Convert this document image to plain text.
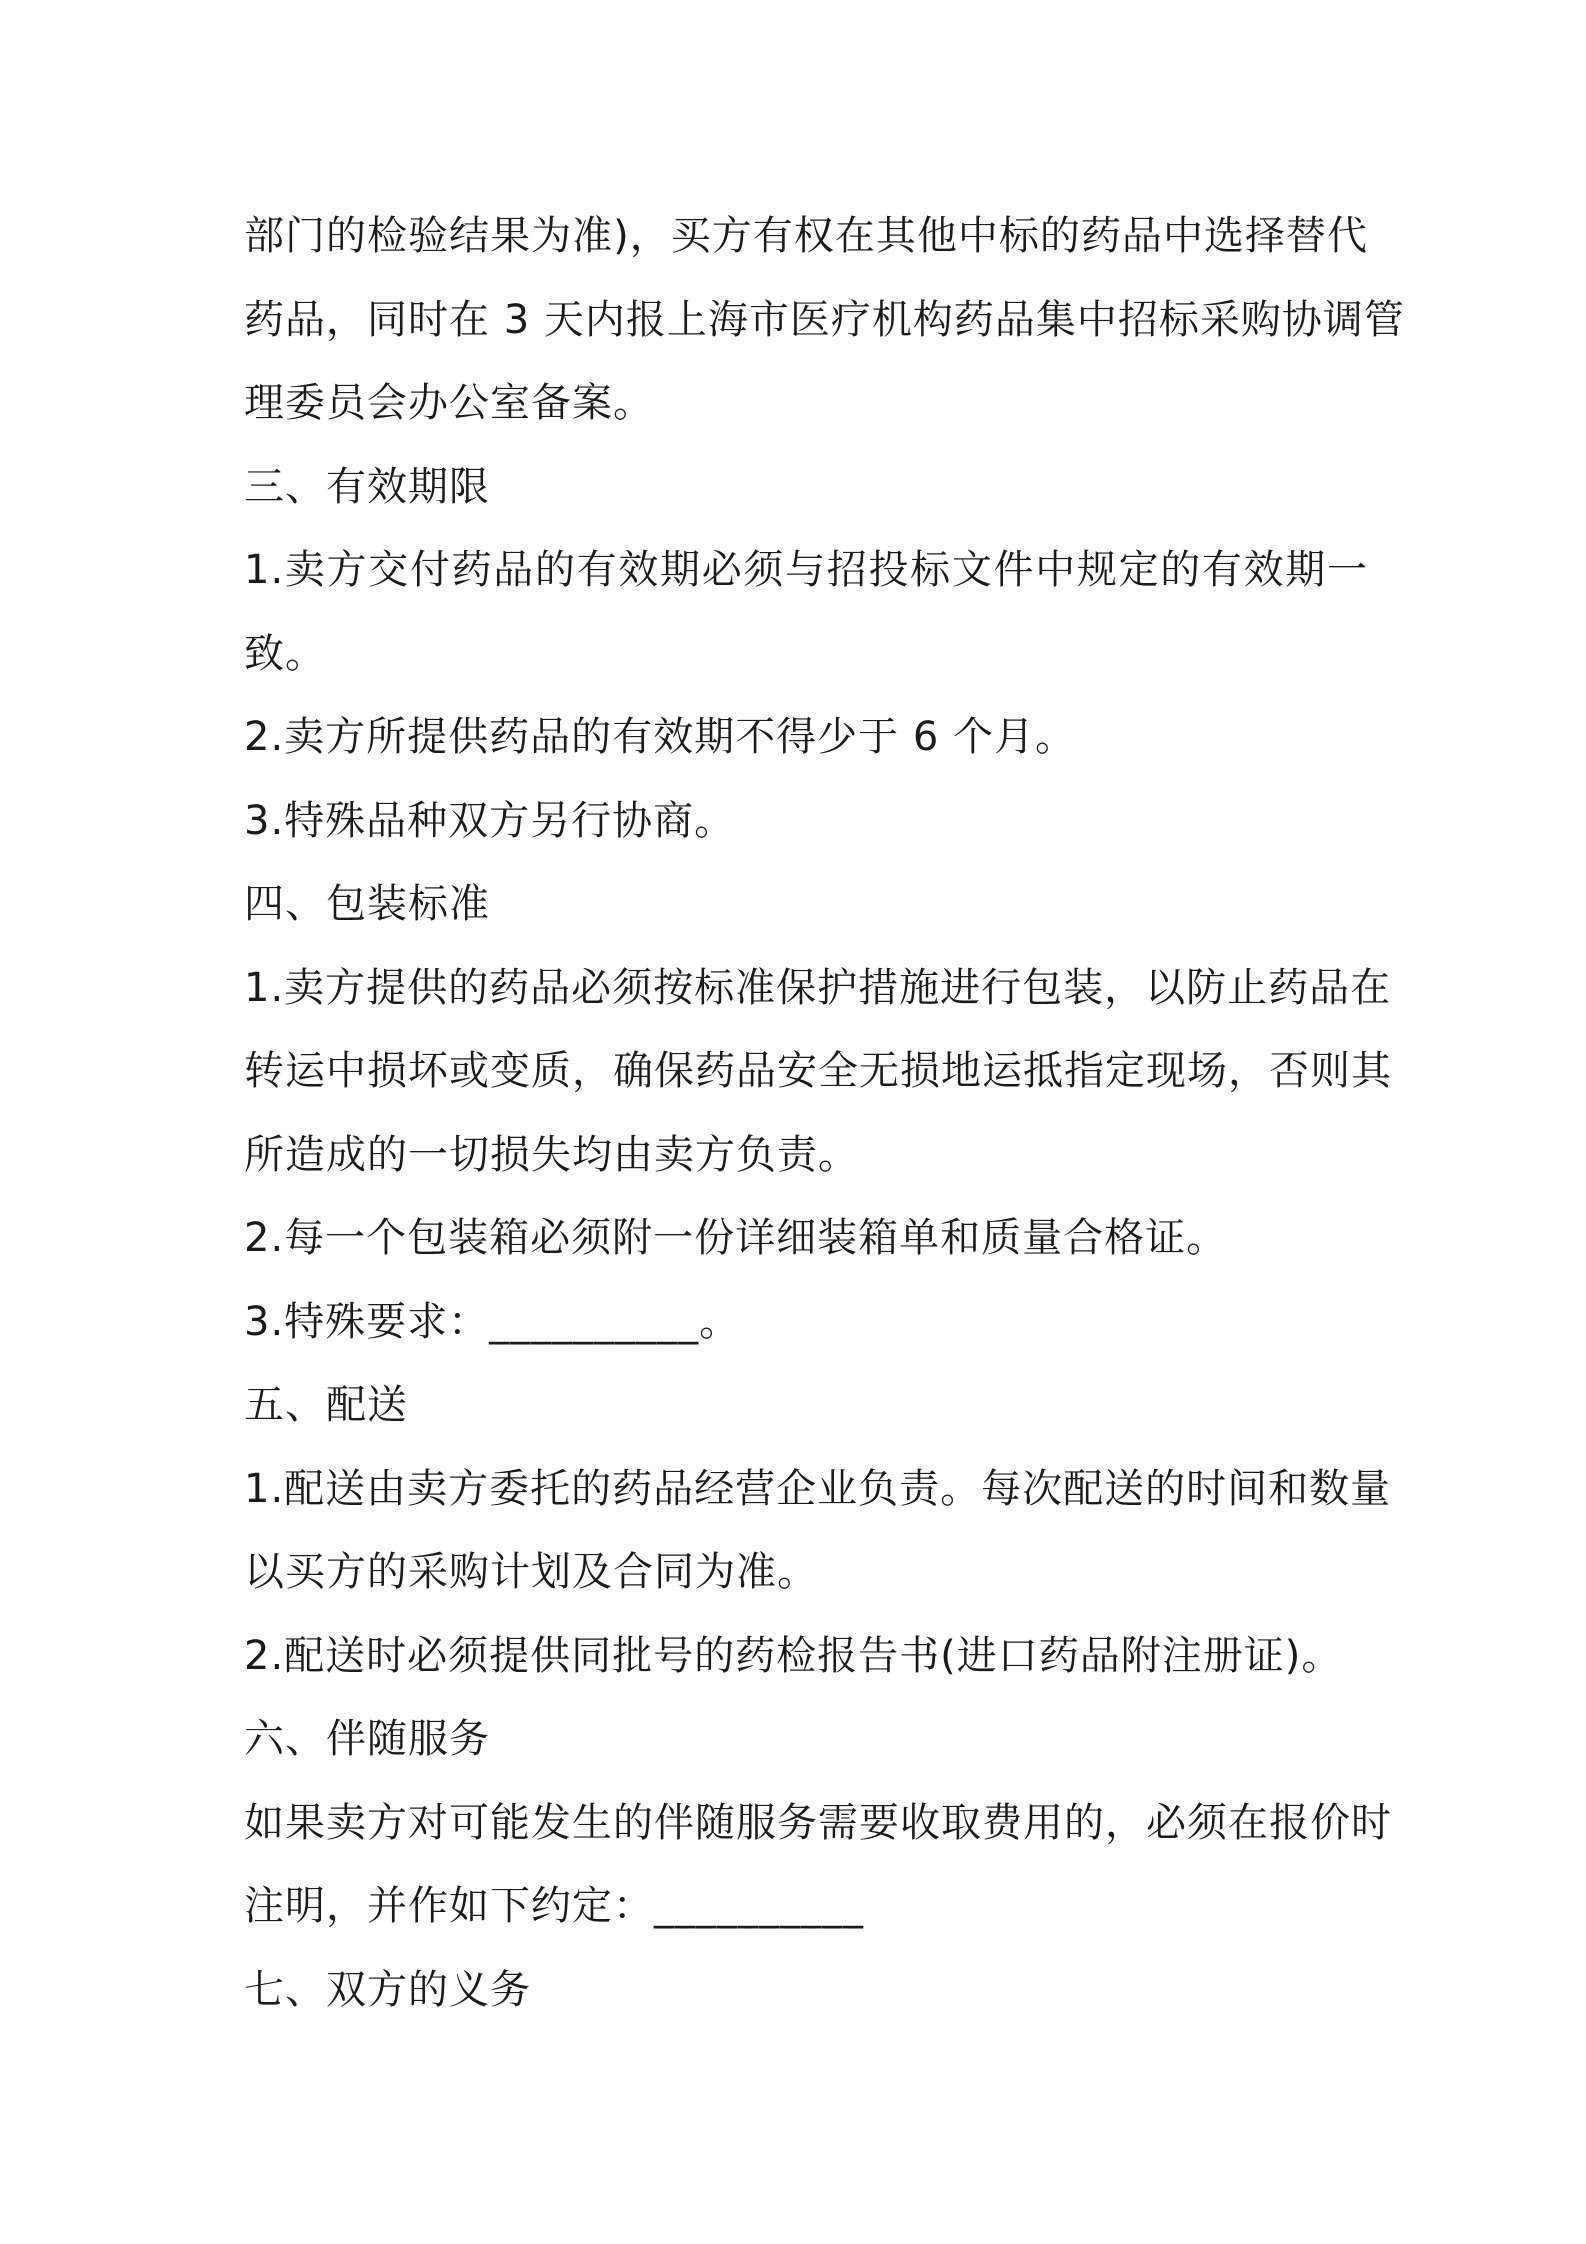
部门的检验结果为准)，买方有权在其他中标的药品中选择替代
药品，同时在 3 天内报上海市医疗机构药品集中招标采购协调管
理委员会办公室备案。
三、有效期限
1.卖方交付药品的有效期必须与招投标文件中规定的有效期一
致。
2.卖方所提供药品的有效期不得少于 6 个月。
3.特殊品种双方另行协商。
四、包装标准
1.卖方提供的药品必须按标准保护措施进行包装，以防止药品在
转运中损坏或变质，确保药品安全无损地运抵指定现场，否则其
所造成的一切损失均由卖方负责。
2.每一个包装箱必须附一份详细装箱单和质量合格证。
3.特殊要求：__________。
五、配送
1.配送由卖方委托的药品经营企业负责。每次配送的时间和数量
以买方的采购计划及合同为准。
2.配送时必须提供同批号的药检报告书(进口药品附注册证)。
六、伴随服务
如果卖方对可能发生的伴随服务需要收取费用的，必须在报价时
注明，并作如下约定：__________
七、双方的义务
